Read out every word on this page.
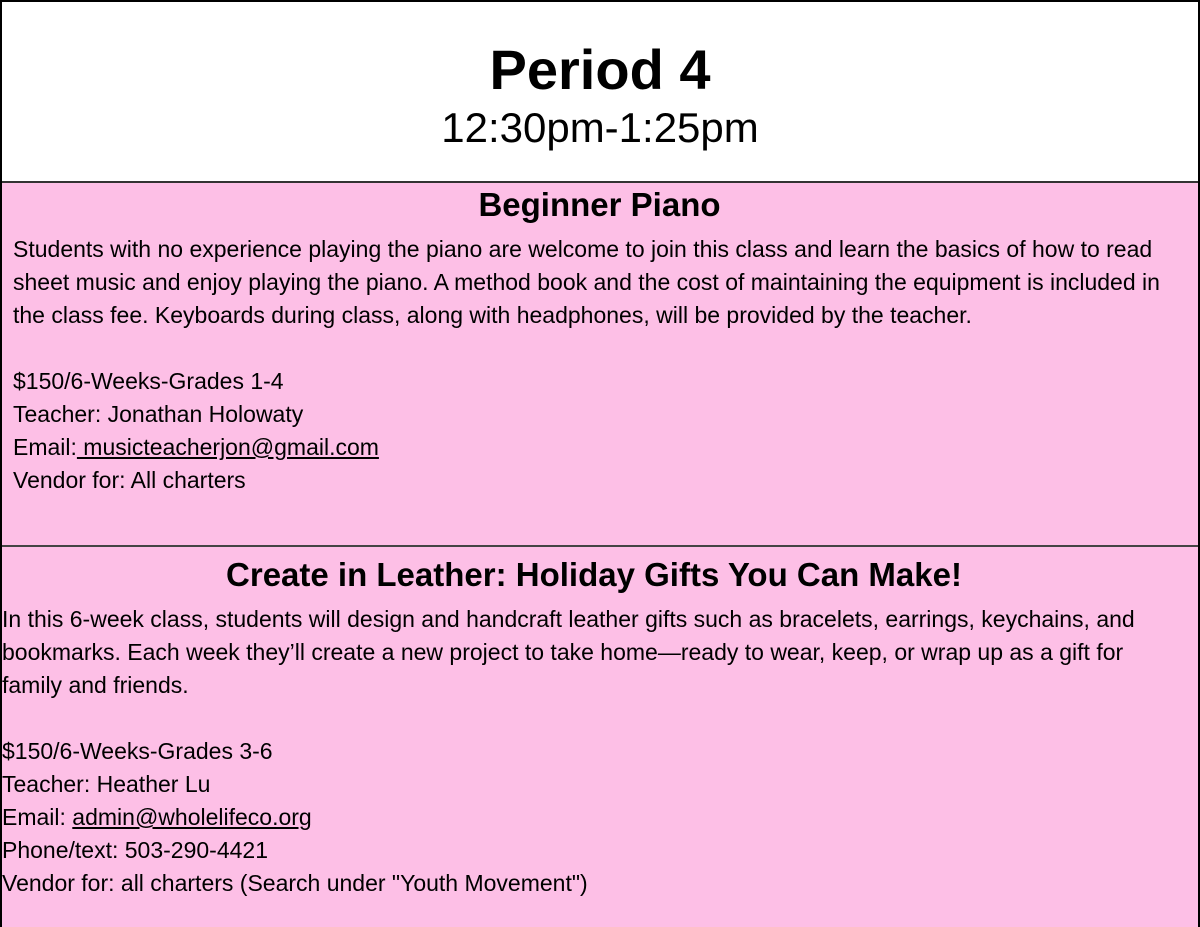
Period 4

12:30pm-1:25pm

Beginner Piano

Students with no experience playing the piano are welcome to join this class and learn the basics of how to read sheet music and enjoy playing the piano. A method book and the cost of maintaining the equipment is included in the class fee. Keyboards during class, along with headphones, will be provided by the teacher.

$150/6-Weeks-Grades 1-4

Teacher: Jonathan Holowaty

Email: musicteacherjon@gmail.com

Vendor for: All charters

Create in Leather: Holiday Gifts You Can Make!

In this 6-week class, students will design and handcraft leather gifts such as bracelets, earrings, keychains, and bookmarks. Each week they’ll create a new project to take home—ready to wear, keep, or wrap up as a gift for family and friends.

$150/6-Weeks-Grades 3-6

Teacher: Heather Lu

Email: admin@wholelifeco.org

Phone/text: 503-290-4421

Vendor for: all charters (Search under "Youth Movement")
